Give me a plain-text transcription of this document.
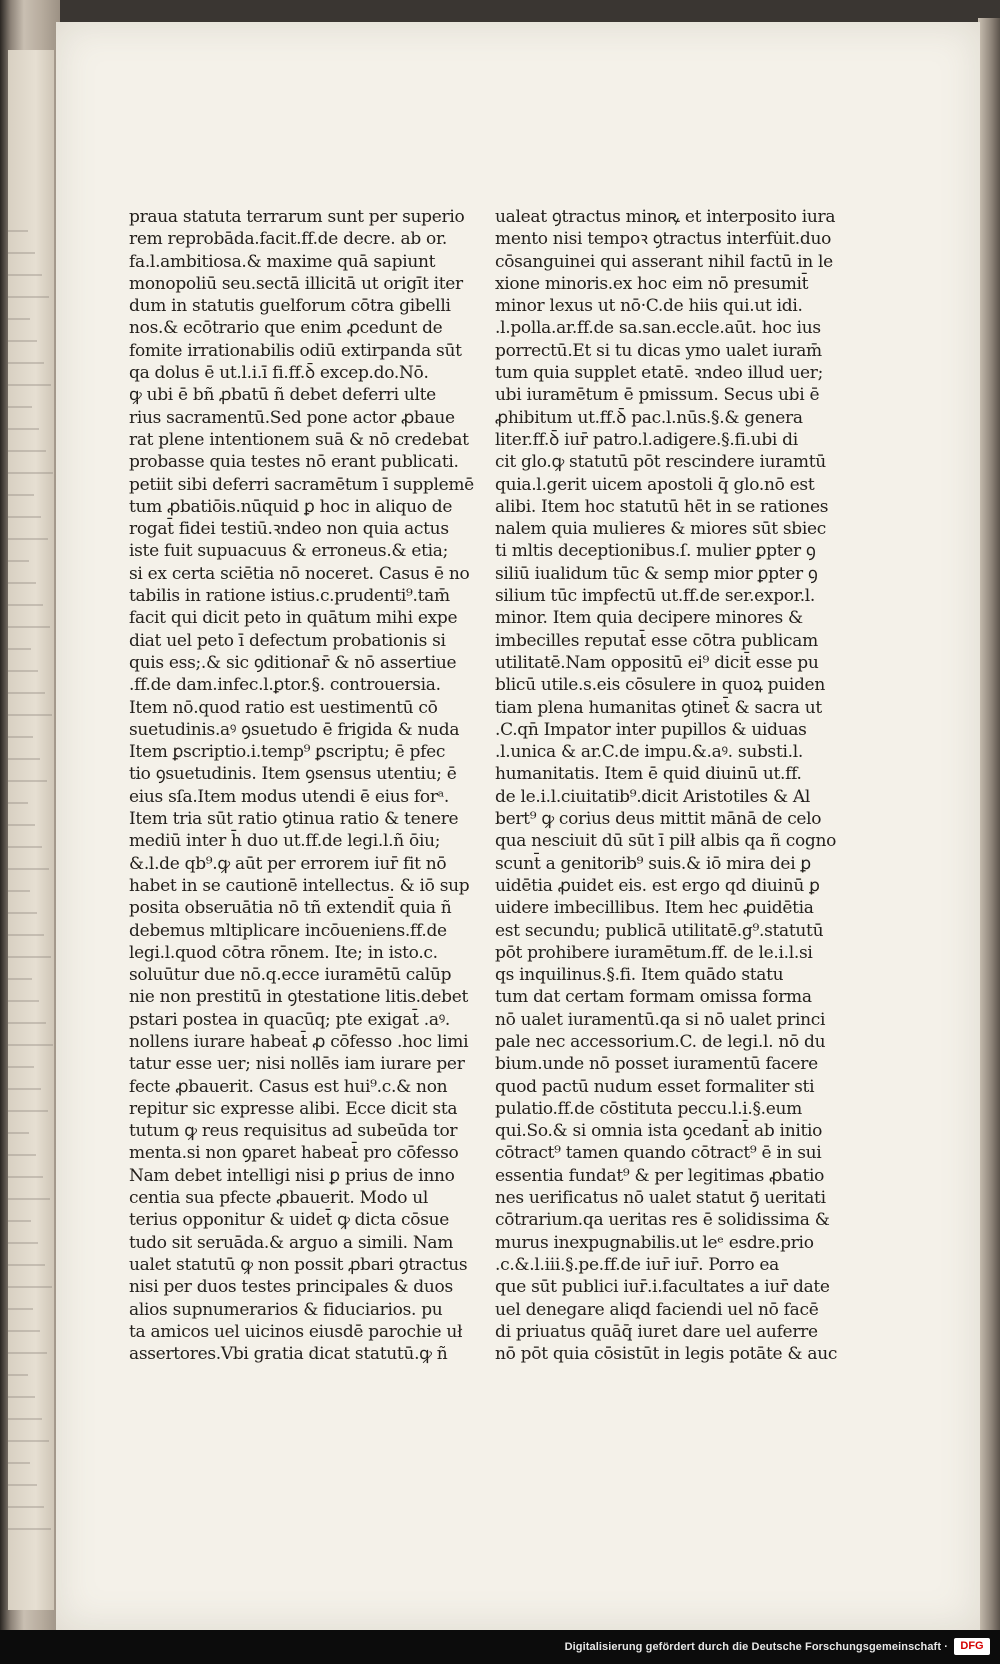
praua statuta terrarum sunt per superio
rem reprobāda.facit.ff.de decre. ab or.
fa.l.ambitiosa.& maxime quā sapiunt
monopoliū seu.sectā illicitā ut origīt iter
dum in statutis guelforum cōtra gibelli
nos.& ecōtrario que enim ꝓcedunt de
fomite irrationabilis odiū extirpanda sūt
qa dolus ē ut.l.i.ī fi.ff.ꝺ̄ excep.do.Nō.
ꝙ ubi ē bñ ꝓbatū ñ debet deferri ulte
rius sacramentū.Sed pone actor ꝓbaue
rat plene intentionem suā & nō credebat
probasse quia testes nō erant publicati.
petiit sibi deferri sacramētum ī supplemē
tum ꝓbatiōis.nūquid ꝑ hoc in aliquo de
rogat̄ fidei testiū.ꝛndeo non quia actus
iste fuit supuacuus & erroneus.& etia;
si ex certa sciētia nō noceret. Casus ē no
tabilis in ratione istius.c.prudenti⁹.tam̄
facit qui dicit peto in quātum mihi expe
diat uel peto ī defectum probationis si
quis ess;.& sic ꝯditionar̄ & nō assertiue
.ff.de dam.infec.l.ꝑtor.§. controuersia.
Item nō.quod ratio est uestimentū cō
suetudinis.aꝰ ꝯsuetudo ē frigida & nuda
Item ꝑscriptio.i.temp⁹ ꝑscriptu; ē pfec
tio ꝯsuetudinis. Item ꝯsensus utentiu; ē
eius sſa.Item modus utendi ē eius forᵃ.
Item tria sūt ratio ꝯtinua ratio & tenere
mediū inter h̄ duo ut.ff.de legi.l.ñ ōiu;
&.l.de qb⁹.ꝙ aūt per errorem iur̄ fit nō
habet in se cautionē intellectus. & iō sup
posita obseruātia nō tñ extendit̄ quia ñ
debemus mltiplicare incōueniens.ff.de
legi.l.quod cōtra rōnem. Ite; in isto.c.
soluūtur due nō.q.ecce iuramētū calūp
nie non prestitū in ꝯtestatione litis.debet
pstari postea in quacūq; pte exigat̄ .aꝰ.
nollens iurare habeat̄ ꝓ cōfesso .hoc limi
tatur esse uer; nisi nollēs iam iurare per
fecte ꝓbauerit. Casus est hui⁹.c.& non
repitur sic expresse alibi. Ecce dicit sta
tutum ꝙ reus requisitus ad subeūda tor
menta.si non ꝯparet habeat̄ pro cōfesso
Nam debet intelligi nisi ꝑ prius de inno
centia sua pfecte ꝓbauerit. Modo ul
terius opponitur & uidet̄ ꝙ dicta cōsue
tudo sit seruāda.& arguo a simili. Nam
ualet statutū ꝙ non possit ꝓbari ꝯtractus
nisi per duos testes principales & duos
alios supnumerarios & fiduciarios. pu
ta amicos uel uicinos eiusdē parochie uł
assertores.Vbi gratia dicat statutū.ꝙ ñ
ualeat ꝯtractus minoꝶ et interposito iura
mento nisi tempoꝛ ꝯtractus interfu̇it.duo
cōsanguinei qui asserant nihil factū in le
xione minoris.ex hoc eim nō presumit̄
minor lexus ut nō·C.de hiis qui.ut idi.
.l.polla.ar.ff.de sa.san.eccle.aūt. hoc ius
porrectū.Et si tu dicas ymo ualet iuram̄
tum quia supplet etatē. ꝛndeo illud uer;
ubi iuramētum ē pmissum. Secus ubi ē
ꝓhibitum ut.ff.ꝺ̄ pac.l.nūs.§.& genera
liter.ff.ꝺ̄ iur̄ patro.l.adigere.§.fi.ubi di
cit glo.ꝙ statutū pōt rescindere iuramtū
quia.l.gerit uicem apostoli q̄ glo.nō est
alibi. Item hoc statutū hēt in se rationes
nalem quia mulieres & miores sūt sbiec
ti mltis deceptionibus.ſ. mulier ꝑpter ꝯ
siliū iualidum tūc & semp mior ꝑpter ꝯ
silium tūc impfectū ut.ff.de ser.expor.l.
minor. Item quia decipere minores &
imbecilles reputat̄ esse cōtra publicam
utilitatē.Nam oppositū ei⁹ dicit̄ esse pu
blicū utile.s.eis cōsulere in quoꝝ puiden
tiam plena humanitas ꝯtinet̄ & sacra ut
.C.qn̄ Impator inter pupillos & uiduas
.l.unica & ar.C.de impu.&.aꝰ. substi.l.
humanitatis. Item ē quid diuinū ut.ff.
de le.i.l.ciuitatib⁹.dicit Aristotiles & Al
bert⁹ ꝙ corius deus mittit mānā de celo
qua nesciuit dū sūt ī pilł albis qa ñ cogno
scunt̄ a genitorib⁹ suis.& iō mira dei ꝑ
uidētia ꝓuidet eis. est ergo qd diuinū ꝑ
uidere imbecillibus. Item hec ꝓuidētia
est secundu; publicā utilitatē.g⁹.statutū
pōt prohibere iuramētum.ff. de le.i.l.si
qs inquilinus.§.fi. Item quādo statu
tum dat certam formam omissa forma
nō ualet iuramentū.qa si nō ualet princi
pale nec accessorium.C. de legi.l. nō du
bium.unde nō posset iuramentū facere
quod pactū nudum esset formaliter sti
pulatio.ff.de cōstituta peccu.l.i.§.eum
qui.So.& si omnia ista ꝯcedant̄ ab initio
cōtract⁹ tamen quando cōtract⁹ ē in sui
essentia fundat⁹ & per legitimas ꝓbatio
nes uerificatus nō ualet statut ꝯ̄ ueritati
cōtrarium.qa ueritas res ē solidissima &
murus inexpugnabilis.ut leᵉ esdre.prio
.c.&.l.iii.§.pe.ff.de iur̄ iur̄. Porro ea
que sūt publici iur̄.i.facultates a iur̄ date
uel denegare aliqd faciendi uel nō facē
di priuatus quāq̄ iuret dare uel auferre
nō pōt quia cōsistūt in legis potāte & auc
Digitalisierung gefördert durch die Deutsche Forschungsgemeinschaft ·	DFG
